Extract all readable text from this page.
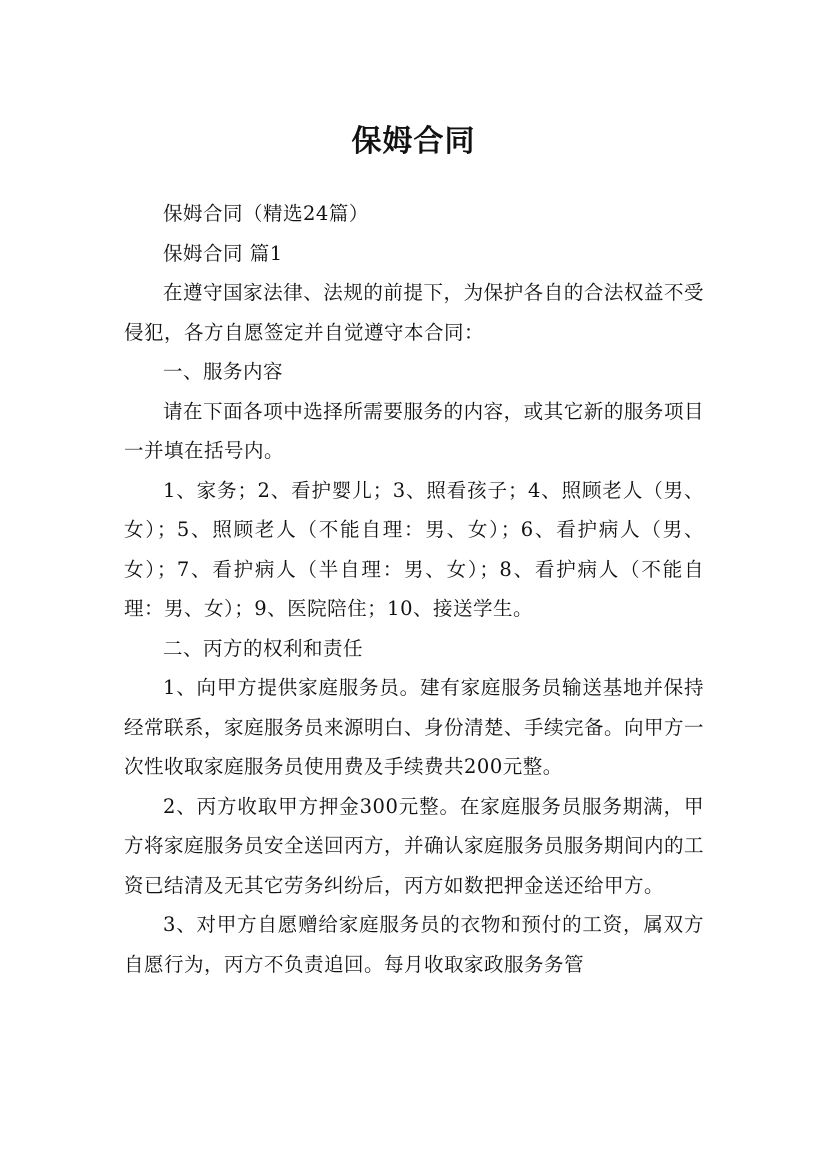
保姆合同

保姆合同（精选24篇）

保姆合同 篇1

在遵守国家法律、法规的前提下，为保护各自的合法权益不受侵犯，各方自愿签定并自觉遵守本合同：

一、服务内容

请在下面各项中选择所需要服务的内容，或其它新的服务项目一并填在括号内。

1、家务；2、看护婴儿；3、照看孩子；4、照顾老人（男、女）；5、照顾老人（不能自理：男、女）；6、看护病人（男、女）；7、看护病人（半自理：男、女）；8、看护病人（不能自理：男、女）；9、医院陪住；10、接送学生。

二、丙方的权利和责任

1、向甲方提供家庭服务员。建有家庭服务员输送基地并保持经常联系，家庭服务员来源明白、身份清楚、手续完备。向甲方一次性收取家庭服务员使用费及手续费共200元整。

2、丙方收取甲方押金300元整。在家庭服务员服务期满，甲方将家庭服务员安全送回丙方，并确认家庭服务员服务期间内的工资已结清及无其它劳务纠纷后，丙方如数把押金送还给甲方。

3、对甲方自愿赠给家庭服务员的衣物和预付的工资，属双方自愿行为，丙方不负责追回。每月收取家政服务务管
